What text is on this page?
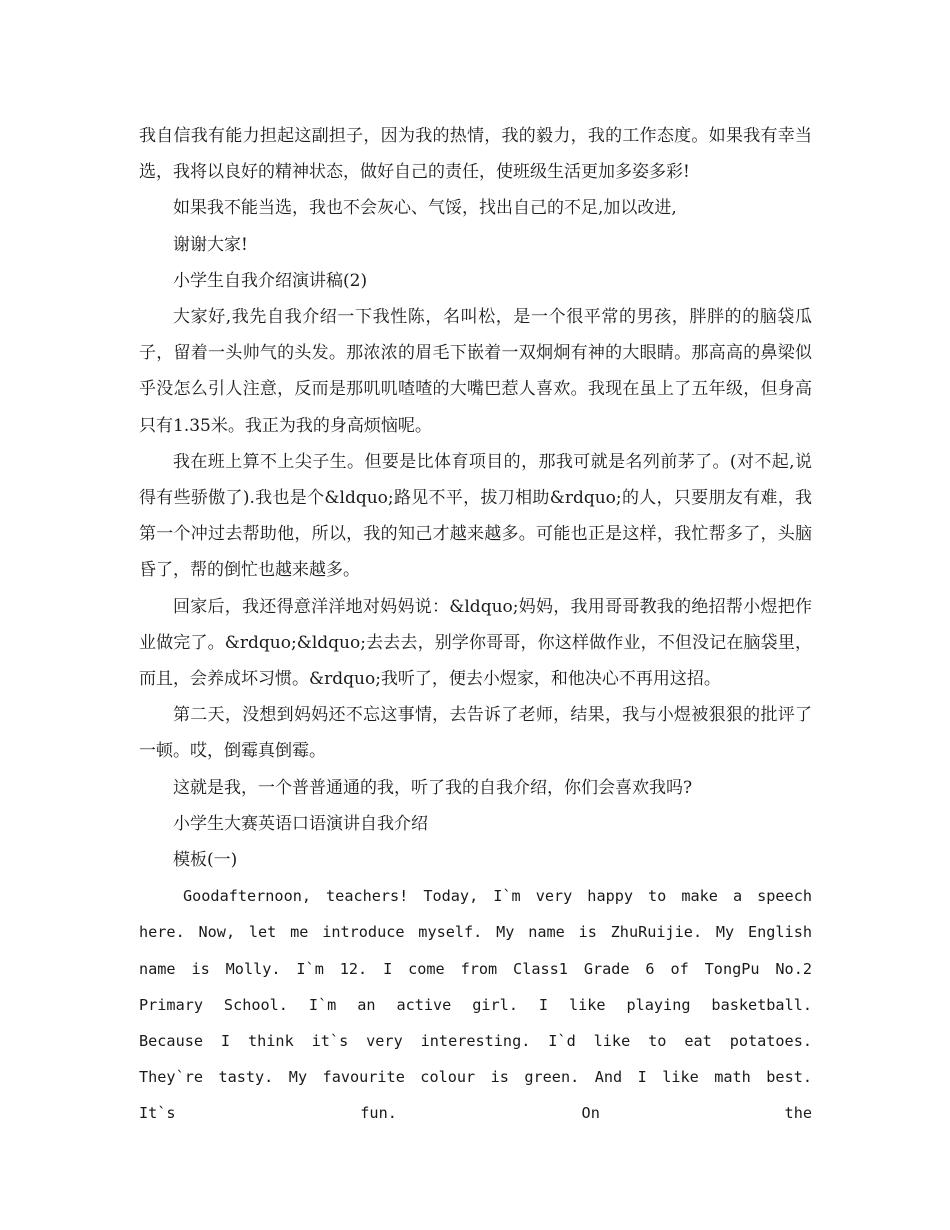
我自信我有能力担起这副担子，因为我的热情，我的毅力，我的工作态度。如果我有幸当选，我将以良好的精神状态，做好自己的责任，使班级生活更加多姿多彩!

如果我不能当选，我也不会灰心、气馁，找出自己的不足,加以改进,

谢谢大家!

小学生自我介绍演讲稿(2)

大家好,我先自我介绍一下我性陈，名叫松，是一个很平常的男孩，胖胖的的脑袋瓜子，留着一头帅气的头发。那浓浓的眉毛下嵌着一双炯炯有神的大眼睛。那高高的鼻梁似乎没怎么引人注意，反而是那叽叽喳喳的大嘴巴惹人喜欢。我现在虽上了五年级，但身高只有1.35米。我正为我的身高烦恼呢。

我在班上算不上尖子生。但要是比体育项目的，那我可就是名列前茅了。(对不起,说得有些骄傲了).我也是个&ldquo;路见不平，拔刀相助&rdquo;的人，只要朋友有难，我第一个冲过去帮助他，所以，我的知己才越来越多。可能也正是这样，我忙帮多了，头脑昏了，帮的倒忙也越来越多。

回家后，我还得意洋洋地对妈妈说：&ldquo;妈妈，我用哥哥教我的绝招帮小煜把作业做完了。&rdquo;&ldquo;去去去，别学你哥哥，你这样做作业，不但没记在脑袋里，而且，会养成坏习惯。&rdquo;我听了，便去小煜家，和他决心不再用这招。

第二天，没想到妈妈还不忘这事情，去告诉了老师，结果，我与小煜被狠狠的批评了一顿。哎，倒霉真倒霉。

这就是我，一个普普通通的我，听了我的自我介绍，你们会喜欢我吗?

小学生大赛英语口语演讲自我介绍

模板(一)

Goodafternoon, teachers! Today, I`m very happy to make a speech here. Now, let me introduce myself. My name is ZhuRuijie. My English name is Molly. I`m 12. I come from Class1 Grade 6 of TongPu No.2 Primary School. I`m an active girl. I like playing basketball. Because I think it`s very interesting. I`d like to eat potatoes. They`re tasty. My favourite colour is green. And I like math best. It`s fun. On the
